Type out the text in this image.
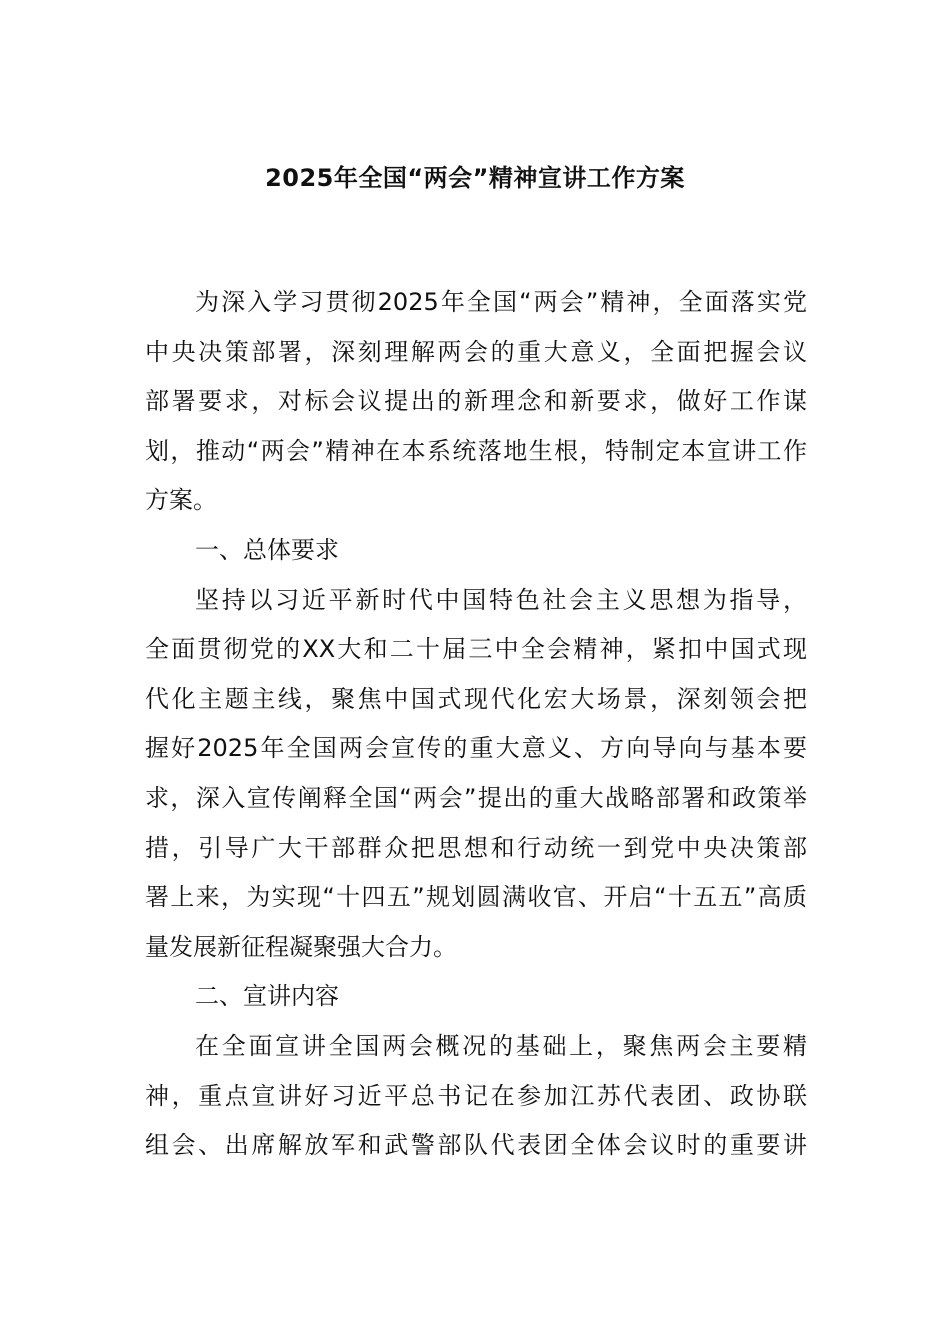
2025年全国“两会”精神宣讲工作方案
为深入学习贯彻2025年全国“两会”精神，全面落实党
中央决策部署，深刻理解两会的重大意义，全面把握会议
部署要求，对标会议提出的新理念和新要求，做好工作谋
划，推动“两会”精神在本系统落地生根，特制定本宣讲工作
方案。
一、总体要求
坚持以习近平新时代中国特色社会主义思想为指导，
全面贯彻党的XX大和二十届三中全会精神，紧扣中国式现
代化主题主线，聚焦中国式现代化宏大场景，深刻领会把
握好2025年全国两会宣传的重大意义、方向导向与基本要
求，深入宣传阐释全国“两会”提出的重大战略部署和政策举
措，引导广大干部群众把思想和行动统一到党中央决策部
署上来，为实现“十四五”规划圆满收官、开启“十五五”高质
量发展新征程凝聚强大合力。
二、宣讲内容
在全面宣讲全国两会概况的基础上，聚焦两会主要精
神，重点宣讲好习近平总书记在参加江苏代表团、政协联
组会、出席解放军和武警部队代表团全体会议时的重要讲
